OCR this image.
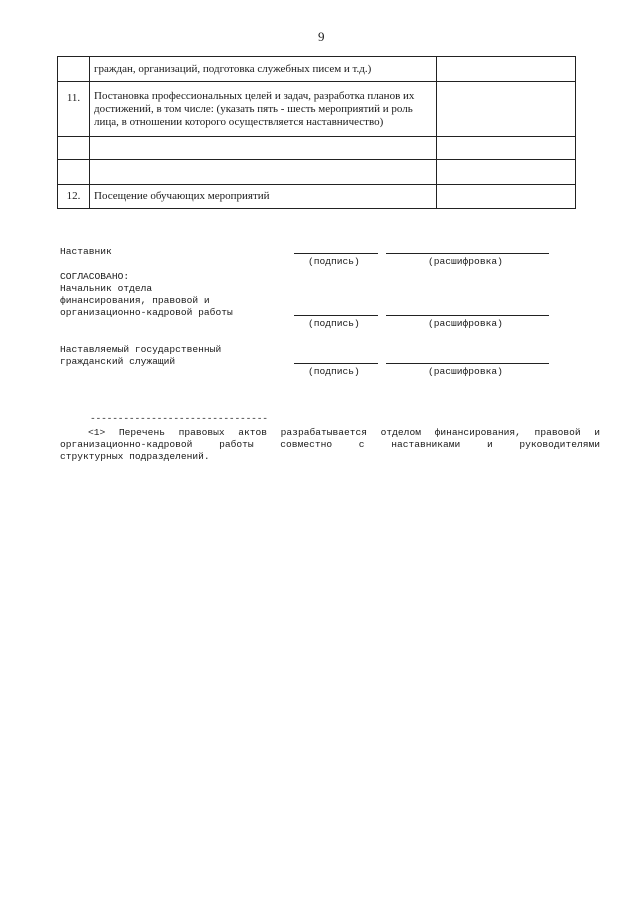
9
	граждан, организаций, подготовка служебных писем и т.д.)	
11.	Постановка профессиональных целей и задач, разработка планов их достижений, в том числе: (указать пять - шесть мероприятий и роль лица, в отношении которого осуществляется наставничество)	

12.	Посещение обучающих мероприятий	
Наставник
(подпись)	(расшифровка)
СОГЛАСОВАНО:
Начальник отдела
финансирования, правовой и
организационно-кадровой работы
(подпись)	(расшифровка)
Наставляемый государственный
гражданский служащий
(подпись)	(расшифровка)
--------------------------------
<1> Перечень правовых актов разрабатывается отделом финансирования, правовой и
организационно-кадровой работы совместно с наставниками и руководителями
структурных подразделений.
